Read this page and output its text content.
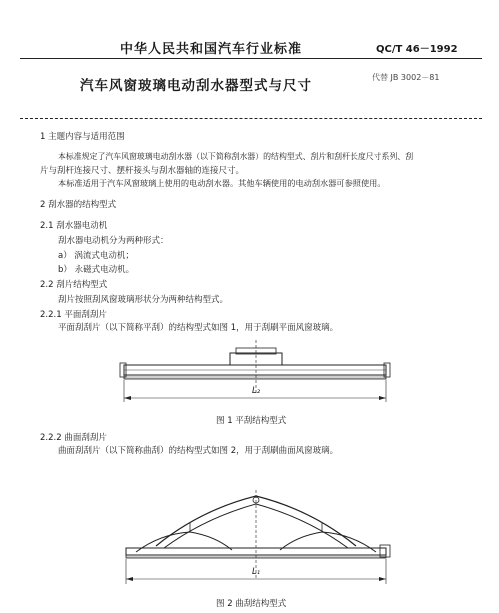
中华人民共和国汽车行业标准	QC/T 46－1992
代替 JB 3002－81
汽车风窗玻璃电动刮水器型式与尺寸
1 主题内容与适用范围
本标准规定了汽车风窗玻璃电动刮水器（以下简称刮水器）的结构型式、刮片和刮杆长度尺寸系列、刮
片与刮杆连接尺寸、摆杆接头与刮水器轴的连接尺寸。
本标准适用于汽车风窗玻璃上使用的电动刮水器。其他车辆使用的电动刮水器可参照使用。
2 刮水器的结构型式
2.1 刮水器电动机
刮水器电动机分为两种形式：
a） 涡流式电动机；
b） 永磁式电动机。
2.2 刮片结构型式
刮片按照刮风窗玻璃形状分为两种结构型式。
2.2.1 平面刮刮片
平面刮刮片（以下简称平刮）的结构型式如图 1，用于刮刷平面风窗玻璃。
L₂
图 1 平刮结构型式
2.2.2 曲面刮刮片
曲面刮刮片（以下简称曲刮）的结构型式如图 2，用于刮刷曲面风窗玻璃。
L₁
图 2 曲刮结构型式
